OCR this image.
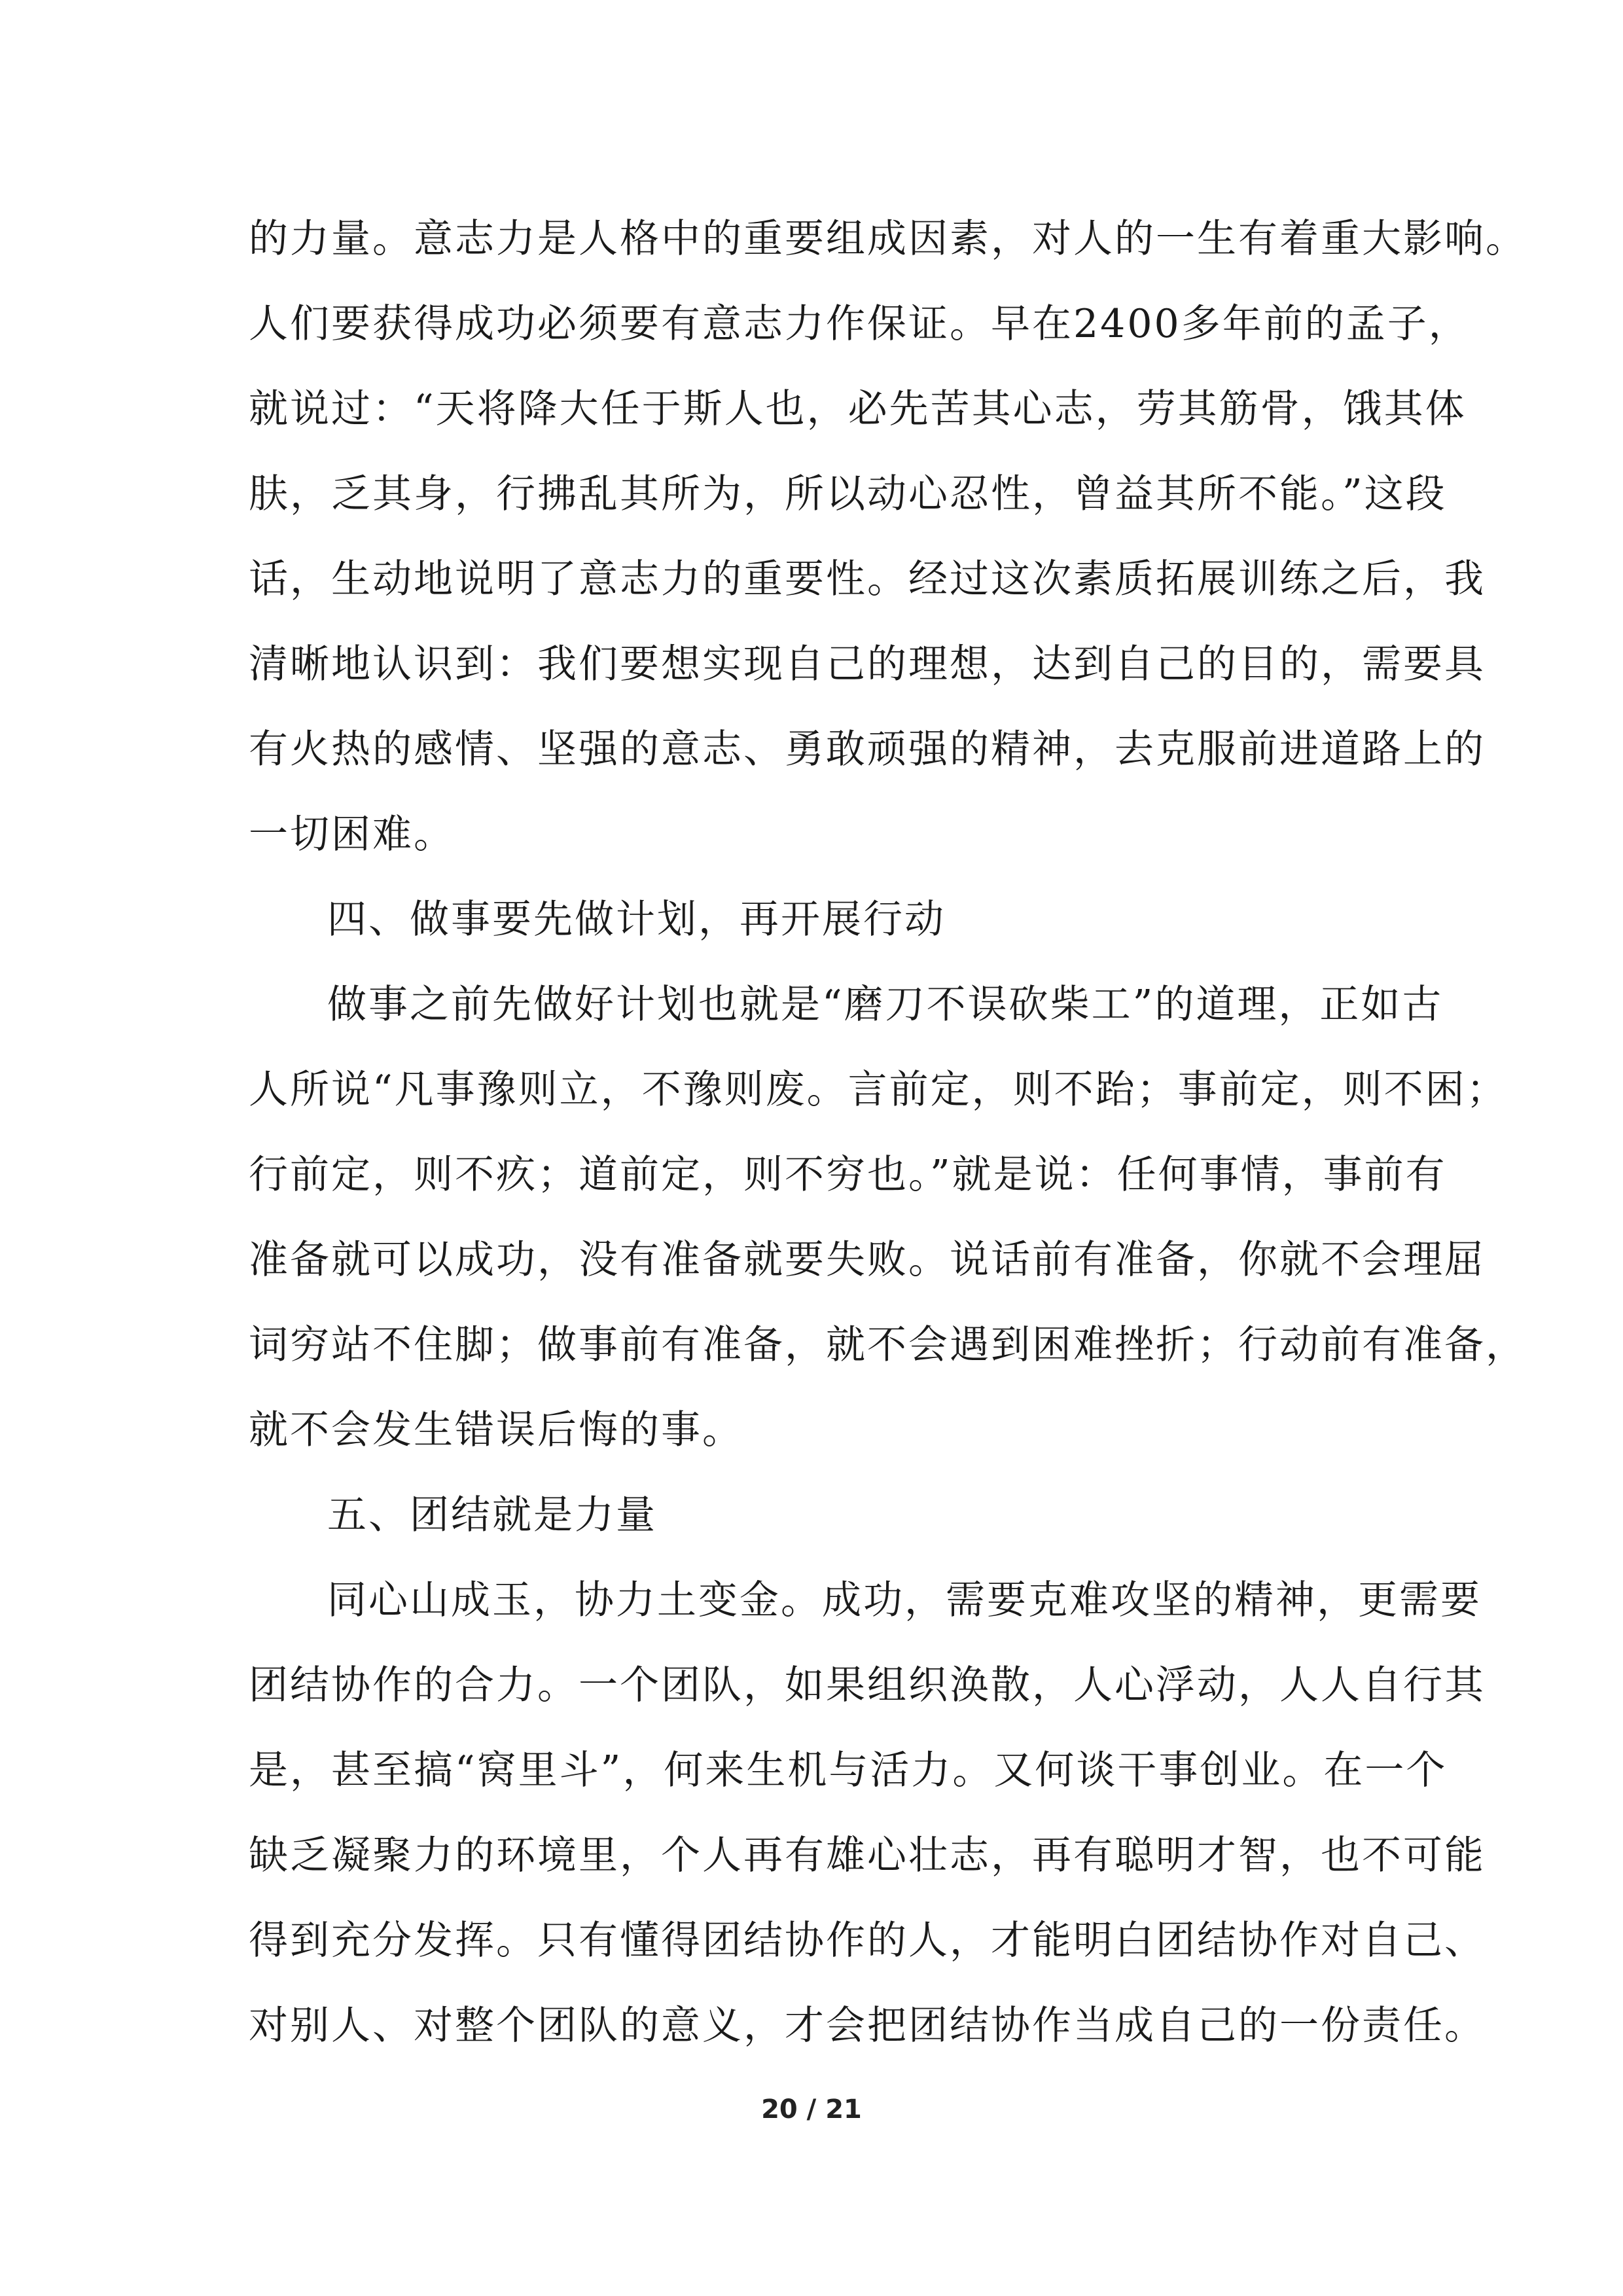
的力量。意志力是人格中的重要组成因素，对人的一生有着重大影响。
人们要获得成功必须要有意志力作保证。早在2400多年前的孟子，
就说过：“天将降大任于斯人也，必先苦其心志，劳其筋骨，饿其体
肤，乏其身，行拂乱其所为，所以动心忍性，曾益其所不能。”这段
话，生动地说明了意志力的重要性。经过这次素质拓展训练之后，我
清晰地认识到：我们要想实现自己的理想，达到自己的目的，需要具
有火热的感情、坚强的意志、勇敢顽强的精神，去克服前进道路上的
一切困难。
四、做事要先做计划，再开展行动
做事之前先做好计划也就是“磨刀不误砍柴工”的道理，正如古
人所说“凡事豫则立，不豫则废。言前定，则不跆；事前定，则不困；
行前定，则不疚；道前定，则不穷也。”就是说：任何事情，事前有
准备就可以成功，没有准备就要失败。说话前有准备，你就不会理屈
词穷站不住脚；做事前有准备，就不会遇到困难挫折；行动前有准备，
就不会发生错误后悔的事。
五、团结就是力量
同心山成玉，协力土变金。成功，需要克难攻坚的精神，更需要
团结协作的合力。一个团队，如果组织涣散，人心浮动，人人自行其
是，甚至搞“窝里斗”，何来生机与活力。又何谈干事创业。在一个
缺乏凝聚力的环境里，个人再有雄心壮志，再有聪明才智，也不可能
得到充分发挥。只有懂得团结协作的人，才能明白团结协作对自己、
对别人、对整个团队的意义，才会把团结协作当成自己的一份责任。
20 / 21
